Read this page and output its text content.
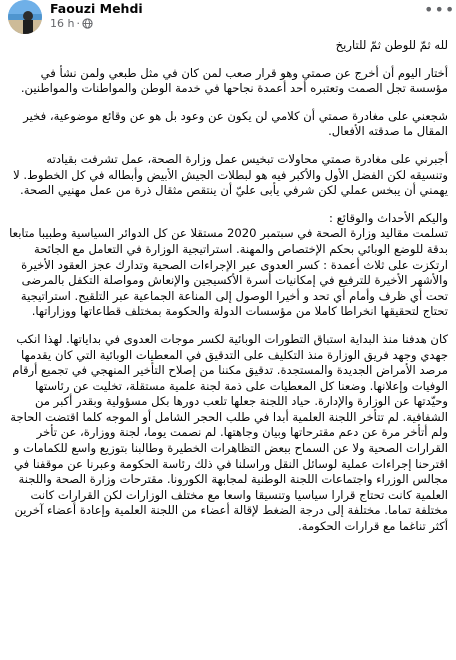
Faouzi Mehdi
16 h ·
•••

لله ثمّ للوطن ثمّ للتاريخ

أختار اليوم أن أخرج عن صمتي وهو قرار صعب لمن كان في مثل طبعي ولمن نشأ في مؤسسة تجل الصمت وتعتبره أحد أعمدة نجاحها في خدمة الوطن والمواطنات والمواطنين.

شجعني على مغادرة صمتي أن كلامي لن يكون عن وعود بل هو عن وقائع موضوعية، فخير المقال ما صدقته الأفعال.

أجبرني على مغادرة صمتي محاولات تبخيس عمل وزارة الصحة، عمل تشرفت بقيادته وتنسيقه لكن الفضل الأول والأكبر فيه هو لبطلات الجيش الأبيض وأبطاله في كل الخطوط. لا يهمني أن يبخس عملي لكن شرفي يأبى عليّ أن ينتقص مثقال ذرة من عمل مهنيي الصحة.

واليكم الأحداث والوقائع :
تسلمت مقاليد وزارة الصحة في سبتمبر 2020 مستقلا عن كل الدوائر السياسية وطبيبا متابعا بدقة للوضع الوبائي بحكم الإختصاص والمهنة. استراتيجية الوزارة في التعامل مع الجائحة ارتكزت على ثلاث أعمدة : كسر العدوى عبر الإجراءات الصحية وتدارك عجز العقود الأخيرة والأشهر الأخيرة للترفيع في إمكانيات أسرة الأكسيجين والإنعاش ومواصلة التكفل بالمرضى تحت أي ظرف وأمام أي تحد و أخيرا الوصول إلى المناعة الجماعية عبر التلقيح. استراتيجية تحتاج لتحقيقها انخراطا كاملا من مؤسسات الدولة والحكومة بمختلف قطاعاتها ووزاراتها.

كان هدفنا منذ البداية استباق التطورات الوبائية لكسر موجات العدوى في بداياتها. لهذا انكب جهدي وجهد فريق الوزارة منذ التكليف على التدقيق في المعطيات الوبائية التي كان يقدمها مرصد الأمراض الجديدة والمستجدة. تدقيق مكننا من إصلاح التأخير المنهجي في تجميع أرقام الوفيات وإعلانها. وضعنا كل المعطيات على ذمة لجنة علمية مستقلة، تخليت عن رئاستها وحيّدتها عن الوزارة والإدارة. حياد اللجنة جعلها تلعب دورها بكل مسؤولية وبقدر أكبر من الشفافية. لم تتأخر اللجنة العلمية أبدا في طلب الحجر الشامل أو الموجه كلما اقتضت الحاجة ولم أتأخر مرة عن دعم مقترحاتها وبيان وجاهتها. لم نصمت يوما، لجنة ووزارة، عن تأخر القرارات الصحية ولا عن السماح ببعض التظاهرات الخطيرة وطالبنا بتوزيع واسع للكمامات و اقترحنا إجراءات عملية لوسائل النقل وراسلنا في ذلك رئاسة الحكومة وعبرنا عن موقفنا في مجالس الوزراء واجتماعات اللجنة الوطنية لمجابهة الكورونا. مقترحات وزارة الصحة واللجنة العلمية كانت تحتاج قرارا سياسيا وتنسيقا واسعا مع مختلف الوزارات لكن القرارات كانت مختلفة تماما. مختلفة إلى درجة الضغط لإقالة أعضاء من اللجنة العلمية وإعادة أعضاء آخرين أكثر تناغما مع قرارات الحكومة.
